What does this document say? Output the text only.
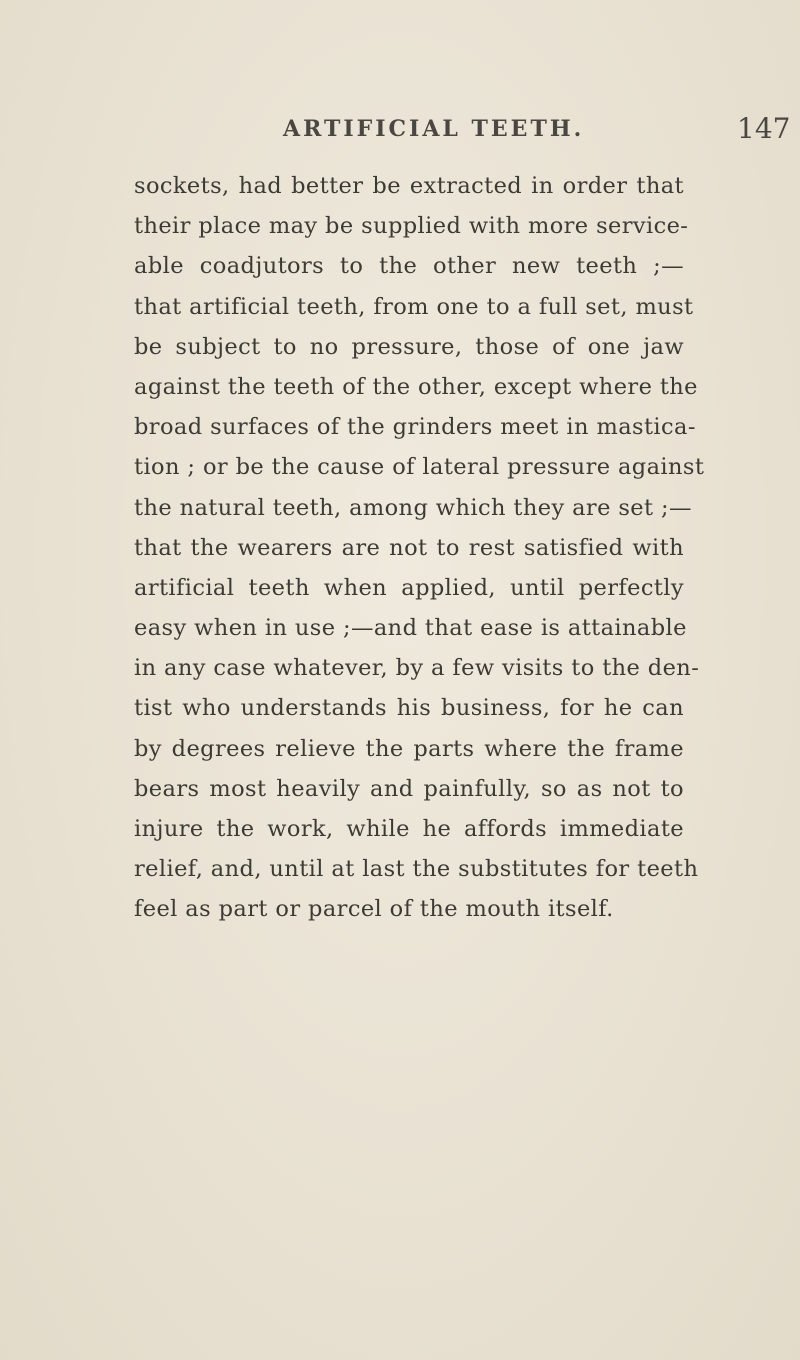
ARTIFICIAL TEETH.	147
sockets, had better be extracted in order that
their place may be supplied with more service-
able coadjutors to the other new teeth ;—
that artificial teeth, from one to a full set, must
be subject to no pressure, those of one jaw
against the teeth of the other, except where the
broad surfaces of the grinders meet in mastica-
tion ; or be the cause of lateral pressure against
the natural teeth, among which they are set ;—
that the wearers are not to rest satisfied with
artificial teeth when applied, until perfectly
easy when in use ;—and that ease is attainable
in any case whatever, by a few visits to the den-
tist who understands his business, for he can
by degrees relieve the parts where the frame
bears most heavily and painfully, so as not to
injure the work, while he affords immediate
relief, and, until at last the substitutes for teeth
feel as part or parcel of the mouth itself.
